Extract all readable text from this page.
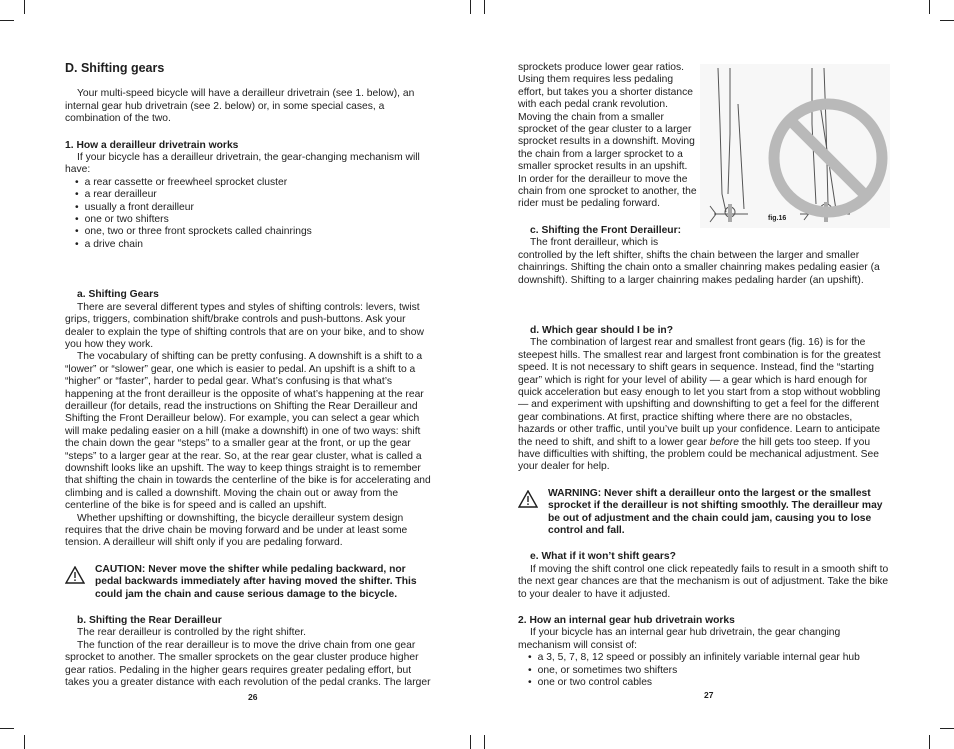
D. Shifting gears

Your multi-speed bicycle will have a derailleur drivetrain (see 1. below), an internal gear hub drivetrain (see 2. below) or, in some special cases, a combination of the two.

1. How a derailleur drivetrain works

If your bicycle has a derailleur drivetrain, the gear-changing mechanism will have:

• a rear cassette or freewheel sprocket cluster
• a rear derailleur
• usually a front derailleur
• one or two shifters
• one, two or three front sprockets called chainrings
• a drive chain

a. Shifting Gears

There are several different types and styles of shifting controls: levers, twist grips, triggers, combination shift/brake controls and push-buttons. Ask your dealer to explain the type of shifting controls that are on your bike, and to show you how they work.

The vocabulary of shifting can be pretty confusing. A downshift is a shift to a “lower” or “slower” gear, one which is easier to pedal. An upshift is a shift to a “higher” or “faster”, harder to pedal gear. What’s confusing is that what’s happening at the front derailleur is the opposite of what’s happening at the rear derailleur (for details, read the instructions on Shifting the Rear Derailleur and Shifting the Front Derailleur below). For example, you can select a gear which will make pedaling easier on a hill (make a downshift) in one of two ways: shift the chain down the gear “steps” to a smaller gear at the front, or up the gear “steps” to a larger gear at the rear. So, at the rear gear cluster, what is called a downshift looks like an upshift. The way to keep things straight is to remember that shifting the chain in towards the centerline of the bike is for accelerating and climbing and is called a downshift. Moving the chain out or away from the centerline of the bike is for speed and is called an upshift.

Whether upshifting or downshifting, the bicycle derailleur system design requires that the drive chain be moving forward and be under at least some tension. A derailleur will shift only if you are pedaling forward.

CAUTION: Never move the shifter while pedaling backward, nor pedal backwards immediately after having moved the shifter. This could jam the chain and cause serious damage to the bicycle.

b. Shifting the Rear Derailleur

The rear derailleur is controlled by the right shifter.

The function of the rear derailleur is to move the drive chain from one gear sprocket to another. The smaller sprockets on the gear cluster produce higher gear ratios. Pedaling in the higher gears requires greater pedaling effort, but takes you a greater distance with each revolution of the pedal cranks. The larger

26

sprockets produce lower gear ratios. Using them requires less pedaling effort, but takes you a shorter distance with each pedal crank revolution. Moving the chain from a smaller sprocket of the gear cluster to a larger sprocket results in a downshift. Moving the chain from a larger sprocket to a smaller sprocket results in an upshift. In order for the derailleur to move the chain from one sprocket to another, the rider must be pedaling forward.

c. Shifting the Front Derailleur:

The front derailleur, which is

controlled by the left shifter, shifts the chain between the larger and smaller chainrings. Shifting the chain onto a smaller chainring makes pedaling easier (a downshift). Shifting to a larger chainring makes pedaling harder (an upshift).

d. Which gear should I be in?

The combination of largest rear and smallest front gears (fig. 16) is for the steepest hills. The smallest rear and largest front combination is for the greatest speed. It is not necessary to shift gears in sequence. Instead, find the “starting gear” which is right for your level of ability — a gear which is hard enough for quick acceleration but easy enough to let you start from a stop without wobbling — and experiment with upshifting and downshifting to get a feel for the different gear combinations. At first, practice shifting where there are no obstacles, hazards or other traffic, until you’ve built up your confidence. Learn to anticipate the need to shift, and shift to a lower gear before the hill gets too steep. If you have difficulties with shifting, the problem could be mechanical adjustment. See your dealer for help.

WARNING: Never shift a derailleur onto the largest or the smallest sprocket if the derailleur is not shifting smoothly. The derailleur may be out of adjustment and the chain could jam, causing you to lose control and fall.

e. What if it won’t shift gears?

If moving the shift control one click repeatedly fails to result in a smooth shift to the next gear chances are that the mechanism is out of adjustment. Take the bike to your dealer to have it adjusted.

2. How an internal gear hub drivetrain works

If your bicycle has an internal gear hub drivetrain, the gear changing mechanism will consist of:

• a 3, 5, 7, 8, 12 speed or possibly an infinitely variable internal gear hub
• one, or sometimes two shifters
• one or two control cables
27
fig.16
